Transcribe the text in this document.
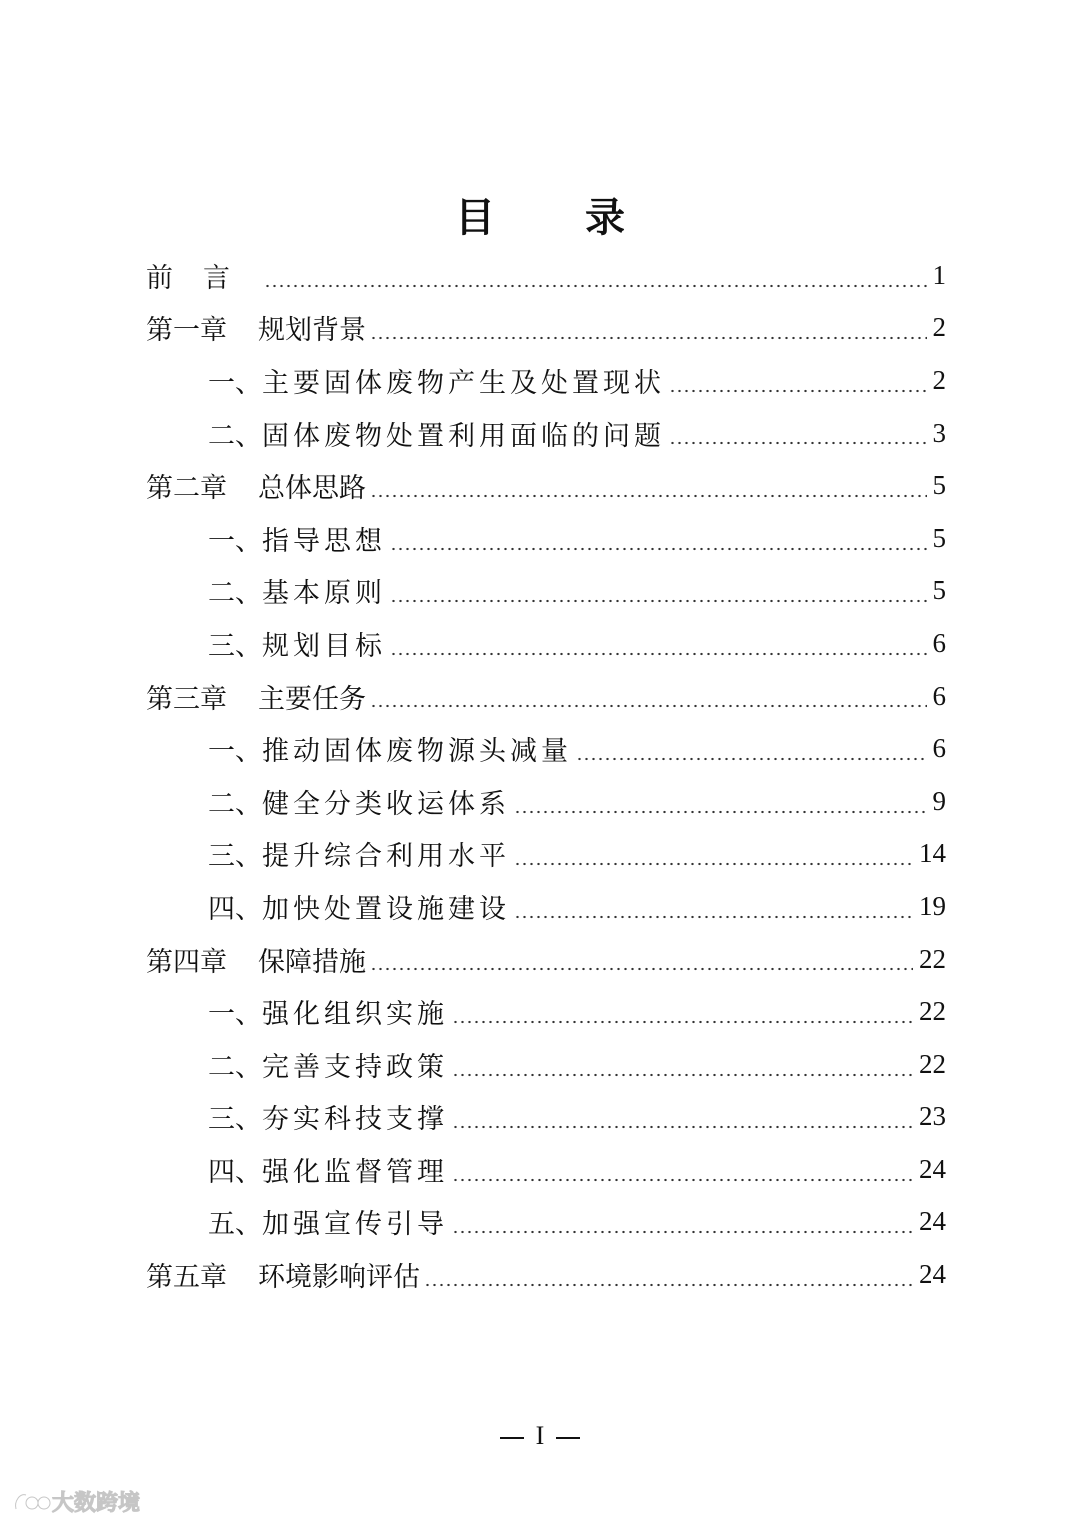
目 录
前言	1
第一章	规划背景	2
一、 主要固体废物产生及处置现状	2
二、 固体废物处置利用面临的问题	3
第二章	总体思路	5
一、 指导思想	5
二、 基本原则	5
三、 规划目标	6
第三章	主要任务	6
一、 推动固体废物源头减量	6
二、 健全分类收运体系	9
三、 提升综合利用水平	14
四、 加快处置设施建设	19
第四章	保障措施	22
一、 强化组织实施	22
二、 完善支持政策	22
三、 夯实科技支撑	23
四、 强化监督管理	24
五、 加强宣传引导	24
第五章	环境影响评估	24
I
大数跨境
